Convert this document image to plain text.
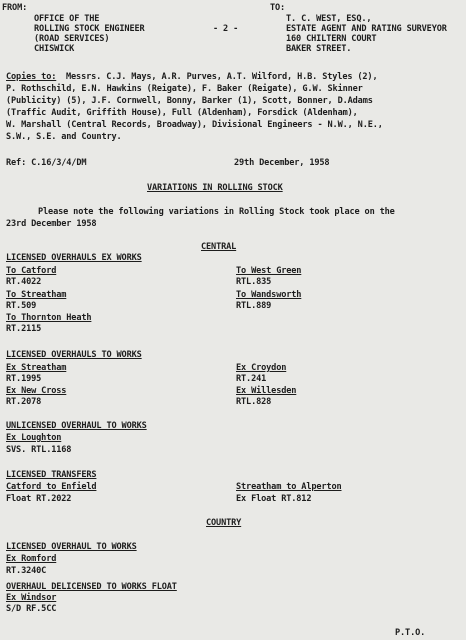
FROM:
OFFICE OF THE
ROLLING STOCK ENGINEER
(ROAD SERVICES)
CHISWICK
- 2 -
TO:
T. C. WEST, ESQ.,
ESTATE AGENT AND RATING SURVEYOR
160 CHILTERN COURT
BAKER STREET.
Copies to: Messrs. C.J. Mays, A.R. Purves, A.T. Wilford, H.B. Styles (2),
P. Rothschild, E.N. Hawkins (Reigate), F. Baker (Reigate), G.W. Skinner
(Publicity) (5), J.F. Cornwell, Bonny, Barker (1), Scott, Bonner, D.Adams
(Traffic Audit, Griffith House), Full (Aldenham), Forsdick (Aldenham),
W. Marshall (Central Records, Broadway), Divisional Engineers - N.W., N.E.,
S.W., S.E. and Country.
Ref: C.16/3/4/DM	29th December, 1958
VARIATIONS IN ROLLING STOCK
Please note the following variations in Rolling Stock took place on the
23rd December 1958
CENTRAL
LICENSED OVERHAULS EX WORKS
To Catford
RT.4022
To Streatham
RT.509
To Thornton Heath
RT.2115
To West Green
RTL.835
To Wandsworth
RTL.889
LICENSED OVERHAULS TO WORKS
Ex Streatham
RT.1995
Ex New Cross
RT.2078
Ex Croydon
RT.241
Ex Willesden
RTL.828
UNLICENSED OVERHAUL TO WORKS
Ex Loughton
SVS. RTL.1168
LICENSED TRANSFERS
Catford to Enfield
Float RT.2022
Streatham to Alperton
Ex Float RT.812
COUNTRY
LICENSED OVERHAUL TO WORKS
Ex Romford
RT.3240C
OVERHAUL DELICENSED TO WORKS FLOAT
Ex Windsor
S/D RF.5CC
P.T.O.
